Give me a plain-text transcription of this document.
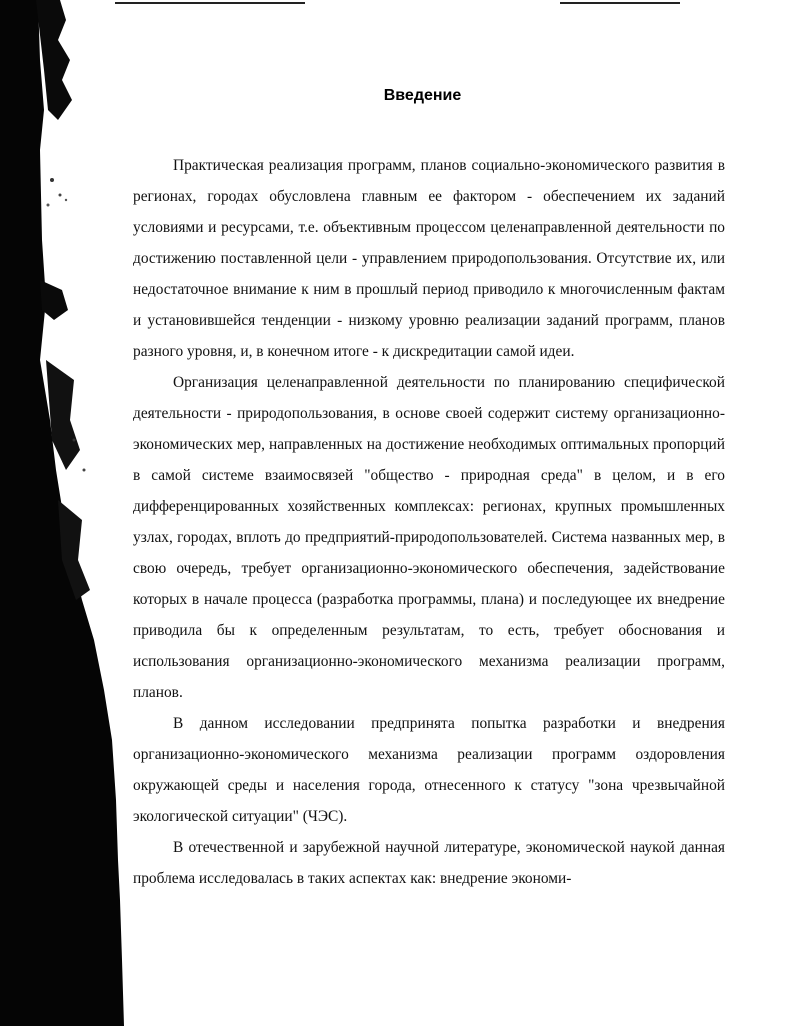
Введение

Практическая реализация программ, планов социально-экономического развития в регионах, городах обусловлена главным ее фактором - обеспечением их заданий условиями и ресурсами, т.е. объективным процессом целенаправленной деятельности по достижению поставленной цели - управлением природопользования. Отсутствие их, или недостаточное внимание к ним в прошлый период приводило к многочисленным фактам и установившейся тенденции - низкому уровню реализации заданий программ, планов разного уровня, и, в конечном итоге - к дискредитации самой идеи.

Организация целенаправленной деятельности по планированию специфической деятельности - природопользования, в основе своей содержит систему организационно-экономических мер, направленных на достижение необходимых оптимальных пропорций в самой системе взаимосвязей "общество - природная среда" в целом, и в его дифференцированных хозяйственных комплексах: регионах, крупных промышленных узлах, городах, вплоть до предприятий-природопользователей. Система названных мер, в свою очередь, требует организационно-экономического обеспечения, задействование которых в начале процесса (разработка программы, плана) и последующее их внедрение приводила бы к определенным результатам, то есть, требует обоснования и использования организационно-экономического механизма реализации программ, планов.

В данном исследовании предпринята попытка разработки и внедрения организационно-экономического механизма реализации программ оздоровления окружающей среды и населения города, отнесенного к статусу "зона чрезвычайной экологической ситуации" (ЧЭС).

В отечественной и зарубежной научной литературе, экономической наукой данная проблема исследовалась в таких аспектах как: внедрение экономи-
